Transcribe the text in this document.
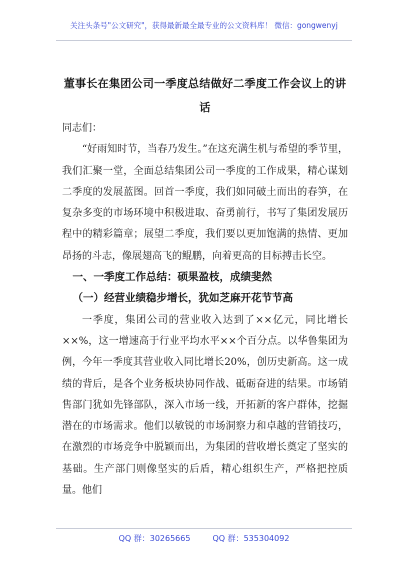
关注头条号"公文研究"，获得最新最全最专业的公文资料库！ 微信：gongwenyj
董事长在集团公司一季度总结做好二季度工作会议上的讲话

同志们：

“好雨知时节，当春乃发生。”在这充满生机与希望的季节里，我们汇聚一堂，全面总结集团公司一季度的工作成果，精心谋划二季度的发展蓝图。回首一季度，我们如同破土而出的春笋，在复杂多变的市场环境中积极进取、奋勇前行，书写了集团发展历程中的精彩篇章；展望二季度，我们要以更加饱满的热情、更加昂扬的斗志，像展翅高飞的鲲鹏，向着更高的目标搏击长空。

一、一季度工作总结：硕果盈枝，成绩斐然

（一）经营业绩稳步增长，犹如芝麻开花节节高

一季度，集团公司的营业收入达到了××亿元，同比增长××%，这一增速高于行业平均水平××个百分点。以华鲁集团为例，今年一季度其营业收入同比增长20%，创历史新高。这一成绩的背后，是各个业务板块协同作战、砥砺奋进的结果。市场销售部门犹如先锋部队，深入市场一线，开拓新的客户群体，挖掘潜在的市场需求。他们以敏锐的市场洞察力和卓越的营销技巧，在激烈的市场竞争中脱颖而出，为集团的营收增长奠定了坚实的基础。生产部门则像坚实的后盾，精心组织生产，严格把控质量。他们

QQ 群：30265665	QQ 群：535304092
